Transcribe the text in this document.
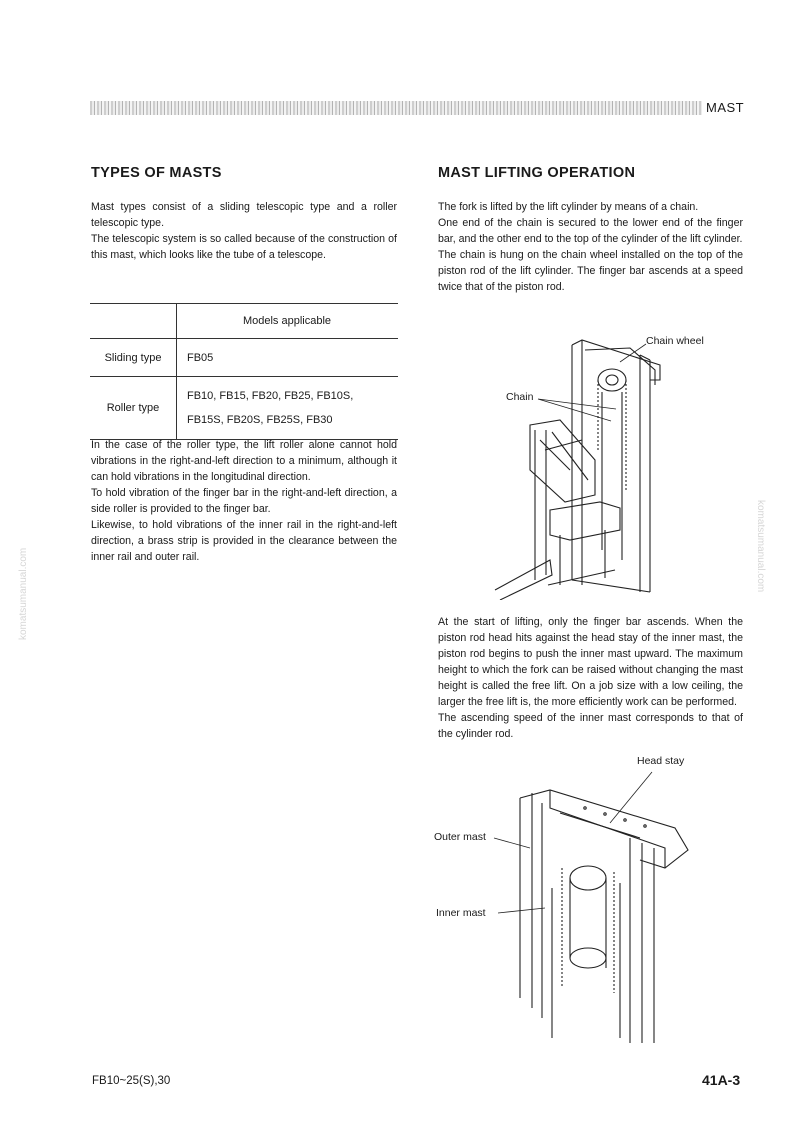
MAST
komatsumanual.com
komatsumanual.com
TYPES OF MASTS

Mast types consist of a sliding telescopic type and a roller telescopic type.

The telescopic system is so called because of the construction of this mast, which looks like the tube of a telescope.

	Models applicable
Sliding type	FB05
Roller type	FB10, FB15, FB20, FB25, FB10S,
FB15S, FB20S, FB25S, FB30

In the case of the roller type, the lift roller alone cannot hold vibrations in the right-and-left direction to a minimum, although it can hold vibrations in the longitudinal direction.

To hold vibration of the finger bar in the right-and-left direction, a side roller is provided to the finger bar.

Likewise, to hold vibrations of the inner rail in the right-and-left direction, a brass strip is provided in the clearance between the inner rail and outer rail.

MAST LIFTING OPERATION

The fork is lifted by the lift cylinder by means of a chain.

One end of the chain is secured to the lower end of the finger bar, and the other end to the top of the cylinder of the lift cylinder.

The chain is hung on the chain wheel installed on the top of the piston rod of the lift cylinder. The finger bar ascends at a speed twice that of the piston rod.

Chain wheel
Chain

At the start of lifting, only the finger bar ascends. When the piston rod head hits against the head stay of the inner mast, the piston rod begins to push the inner mast upward. The maximum height to which the fork can be raised without changing the mast height is called the free lift. On a job size with a low ceiling, the larger the free lift is, the more efficiently work can be performed.

The ascending speed of the inner mast corresponds to that of the cylinder rod.

Head stay
Outer mast
Inner mast
FB10~25(S),30	41A-3
